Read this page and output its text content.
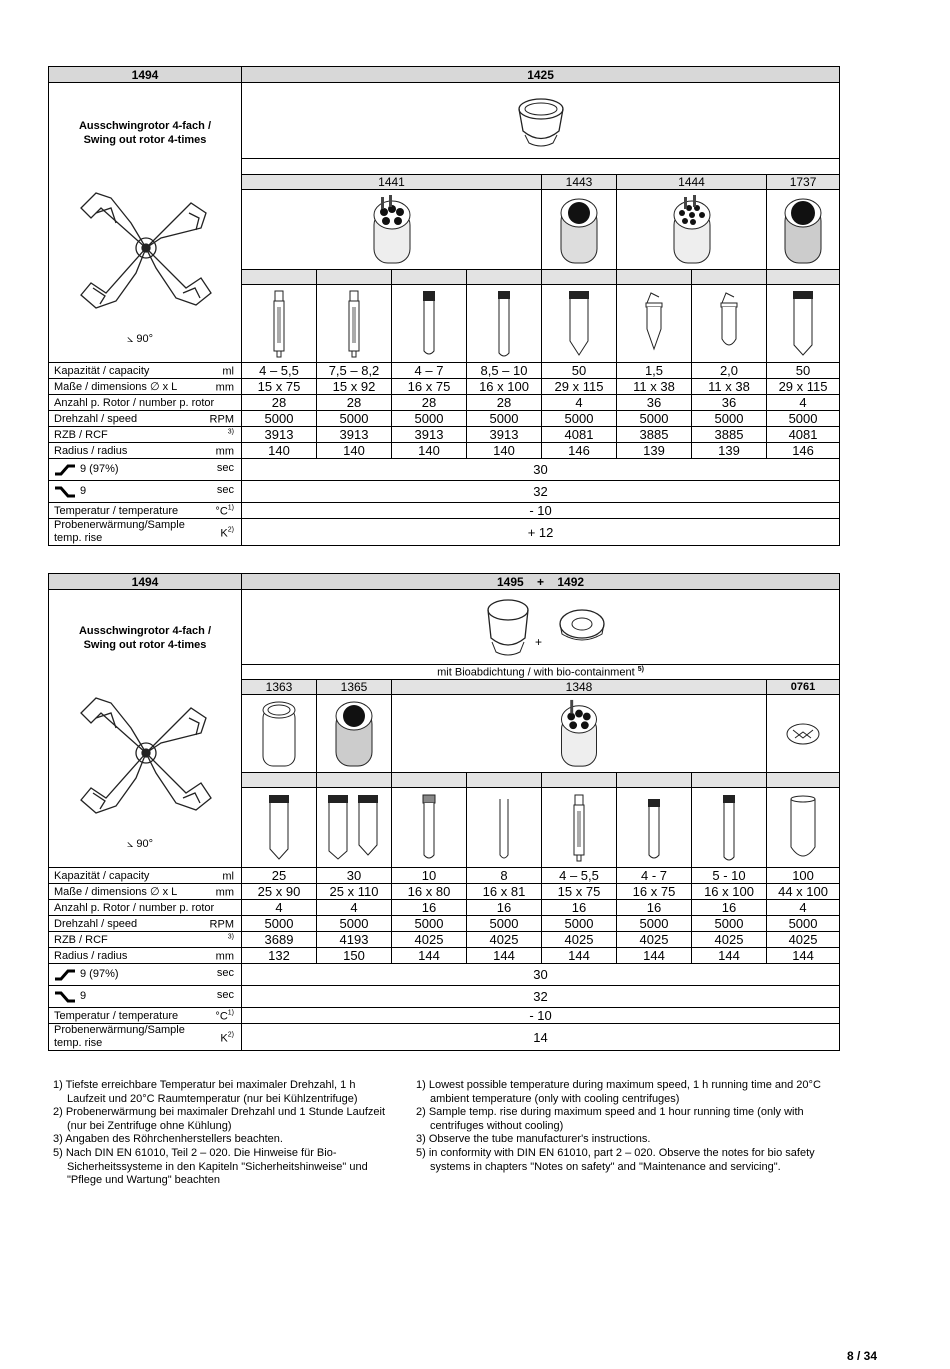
1494	1425							

Ausschwingrotor 4-fach /
Swing out rotor 4-times
⦣ 90°

	1441				1443	1444		1737

Kapazität / capacity ml	4 – 5,5	7,5 – 8,2	4 – 7	8,5 – 10	50	1,5	2,0	50
Maße / dimensions ∅ x L mm	15 x 75	15 x 92	16 x 75	16 x 100	29 x 115	11 x 38	11 x 38	29 x 115
Anzahl p. Rotor / number p. rotor	28	28	28	28	4	36	36	4
Drehzahl / speed RPM	5000	5000	5000	5000	5000	5000	5000	5000
RZB / RCF $^{3)}$	3913	3913	3913	3913	4081	3885	3885	4081
Radius / radius mm	140	140	140	140	146	139	139	146
9 (97%) sec	30							
9 sec	32							
Temperatur / temperature $^\circ C^{1)}$	- 10							

Probenerwärmung/Sample
temp. rise $K^{2)}$	+ 12							
1494	1495    +    1492							

Ausschwingrotor 4-fach /
Swing out rotor 4-times
⦣ 90°	+							

	mit Bioabdichtung / with bio-containment $^{5)}$
	1363	1365	1348					0761

Kapazität / capacity ml	25	30	10	8	4 – 5,5	4 - 7	5 - 10	100
Maße / dimensions ∅ x L mm	25 x 90	25 x 110	16 x 80	16 x 81	15 x 75	16 x 75	16 x 100	44 x 100
Anzahl p. Rotor / number p. rotor	4	4	16	16	16	16	16	4
Drehzahl / speed RPM	5000	5000	5000	5000	5000	5000	5000	5000
RZB / RCF $^{3)}$	3689	4193	4025	4025	4025	4025	4025	4025
Radius / radius mm	132	150	144	144	144	144	144	144
9 (97%) sec	30							
9 sec	32							
Temperatur / temperature $^\circ C^{1)}$	- 10							

Probenerwärmung/Sample
temp. rise $K^{2)}$	14							

1) Tiefste erreichbare Temperatur bei maximaler Drehzahl, 1 h Laufzeit und 20°C Raumtemperatur (nur bei Kühlzentrifuge)

2) Probenerwärmung bei maximaler Drehzahl und 1 Stunde Laufzeit (nur bei Zentrifuge ohne Kühlung)

3) Angaben des Röhrchenherstellers beachten.

5) Nach DIN EN 61010, Teil 2 – 020. Die Hinweise für Bio-Sicherheitssysteme in den Kapiteln "Sicherheitshinweise" und "Pflege und Wartung" beachten

1) Lowest possible temperature during maximum speed, 1 h running time and 20°C ambient temperature (only with cooling centrifuges)

2) Sample temp. rise during maximum speed and 1 hour running time (only with centrifuges without cooling)

3) Observe the tube manufacturer's instructions.

5) in conformity with DIN EN 61010, part 2 – 020. Observe the notes for bio safety systems in chapters "Notes on safety" and "Maintenance and servicing".

8 / 34
